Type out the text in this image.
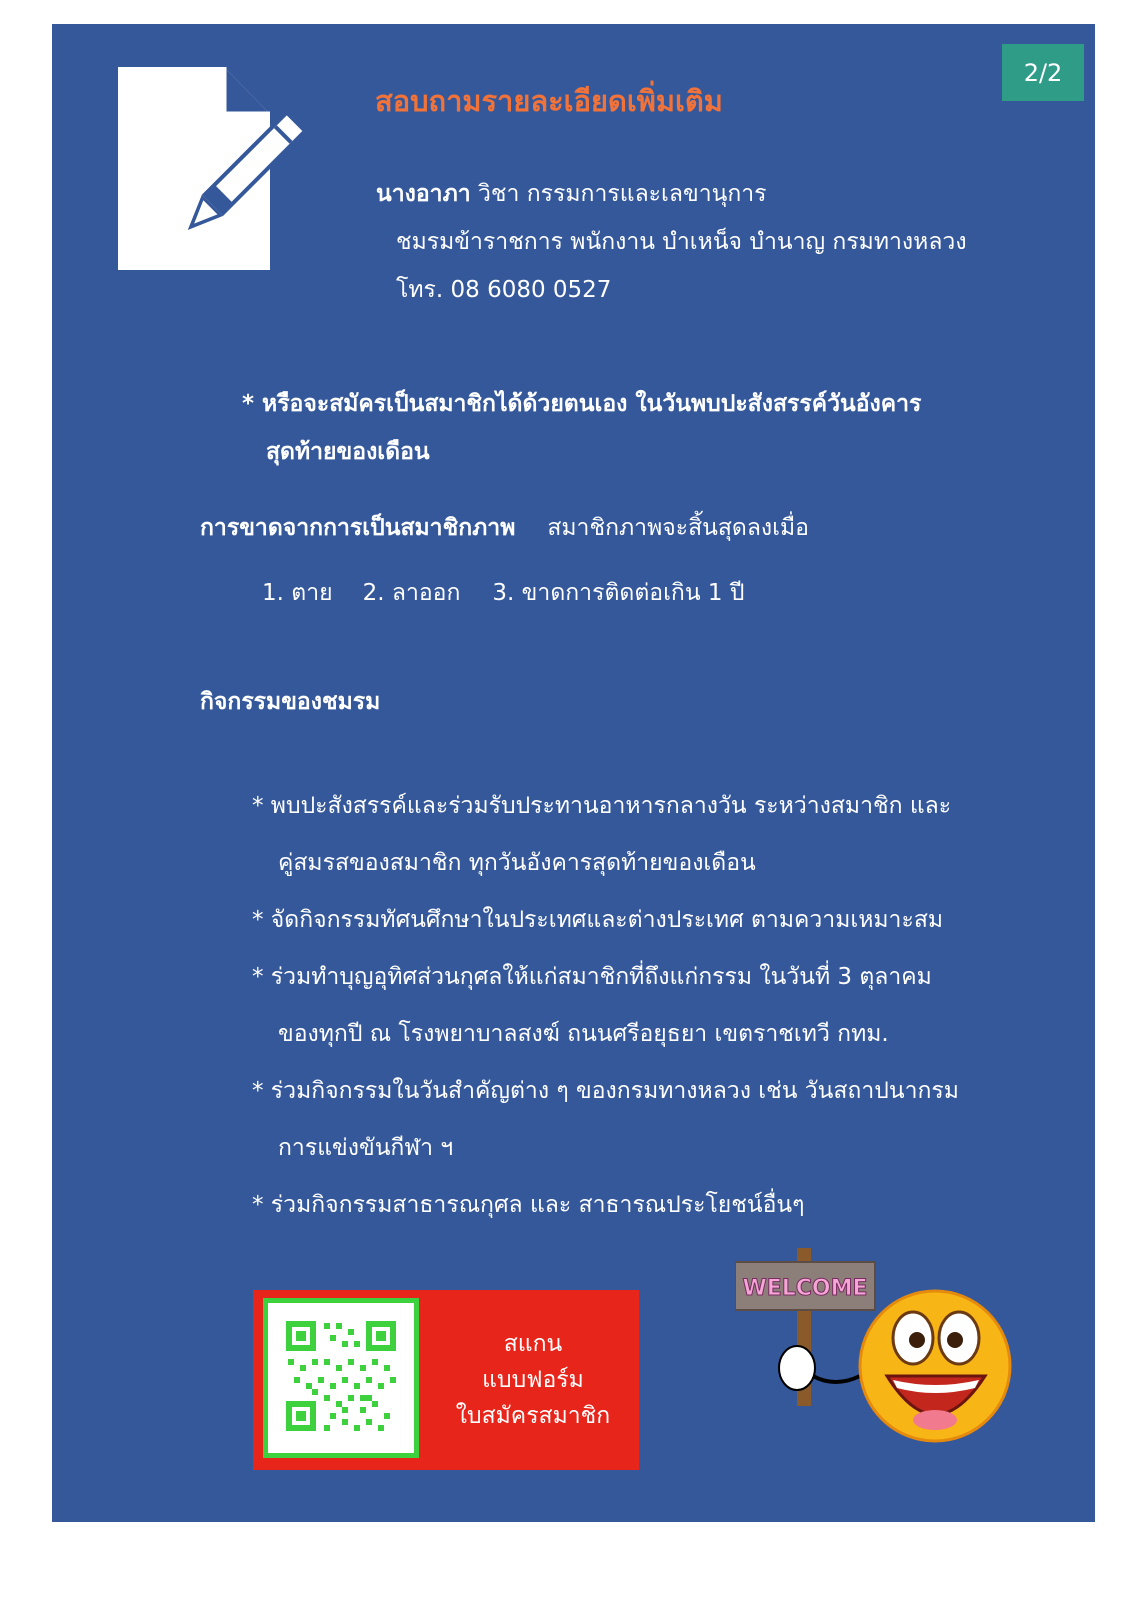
2/2
สอบถามรายละเอียดเพิ่มเติม
นางอาภา วิชา กรรมการและเลขานุการ
ชมรมข้าราชการ พนักงาน บำเหน็จ บำนาญ กรมทางหลวง
โทร. 08 6080 0527
* หรือจะสมัครเป็นสมาชิกได้ด้วยตนเอง ในวันพบปะสังสรรค์วันอังคาร
สุดท้ายของเดือน
การขาดจากการเป็นสมาชิกภาพ สมาชิกภาพจะสิ้นสุดลงเมื่อ
1. ตาย 2. ลาออก 3. ขาดการติดต่อเกิน 1 ปี
กิจกรรมของชมรม
* พบปะสังสรรค์และร่วมรับประทานอาหารกลางวัน ระหว่างสมาชิก และ
คู่สมรสของสมาชิก ทุกวันอังคารสุดท้ายของเดือน
* จัดกิจกรรมทัศนศึกษาในประเทศและต่างประเทศ ตามความเหมาะสม
* ร่วมทำบุญอุทิศส่วนกุศลให้แก่สมาชิกที่ถึงแก่กรรม ในวันที่ 3 ตุลาคม
ของทุกปี ณ โรงพยาบาลสงฆ์ ถนนศรีอยุธยา เขตราชเทวี กทม.
* ร่วมกิจกรรมในวันสำคัญต่าง ๆ ของกรมทางหลวง เช่น วันสถาปนากรม
การแข่งขันกีฬา ฯ
* ร่วมกิจกรรมสาธารณกุศล และ สาธารณประโยชน์อื่นๆ
สแกน
แบบฟอร์ม
ใบสมัครสมาชิก
WELCOME
